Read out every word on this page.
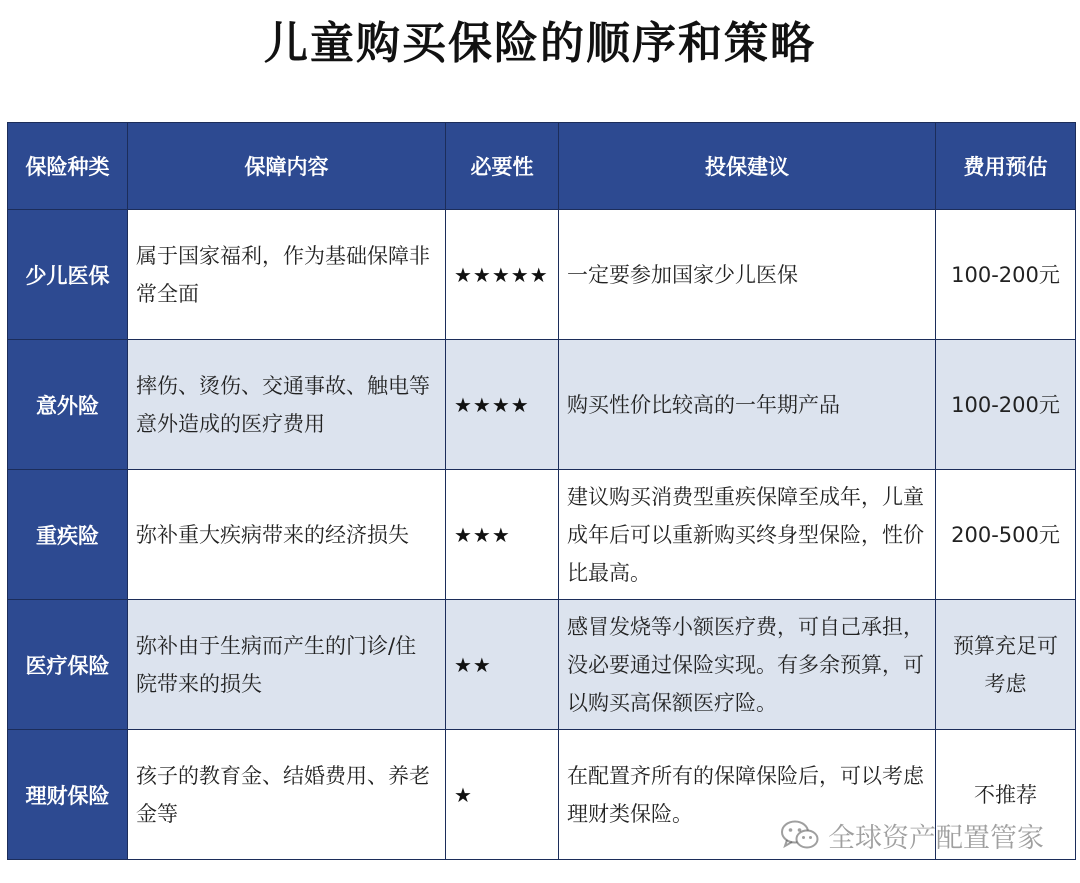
儿童购买保险的顺序和策略
保险种类	保障内容	必要性	投保建议	费用预估
少儿医保	属于国家福利，作为基础保障非常全面	★★★★★	一定要参加国家少儿医保	100-200元
意外险	摔伤、烫伤、交通事故、触电等意外造成的医疗费用	★★★★	购买性价比较高的一年期产品	100-200元
重疾险	弥补重大疾病带来的经济损失	★★★	建议购买消费型重疾保障至成年，儿童成年后可以重新购买终身型保险，性价比最高。	200-500元
医疗保险	弥补由于生病而产生的门诊/住院带来的损失	★★	感冒发烧等小额医疗费，可自己承担，没必要通过保险实现。有多余预算，可以购买高保额医疗险。	预算充足可考虑
理财保险	孩子的教育金、结婚费用、养老金等	★	在配置齐所有的保障保险后，可以考虑理财类保险。	不推荐
全球资产配置管家
